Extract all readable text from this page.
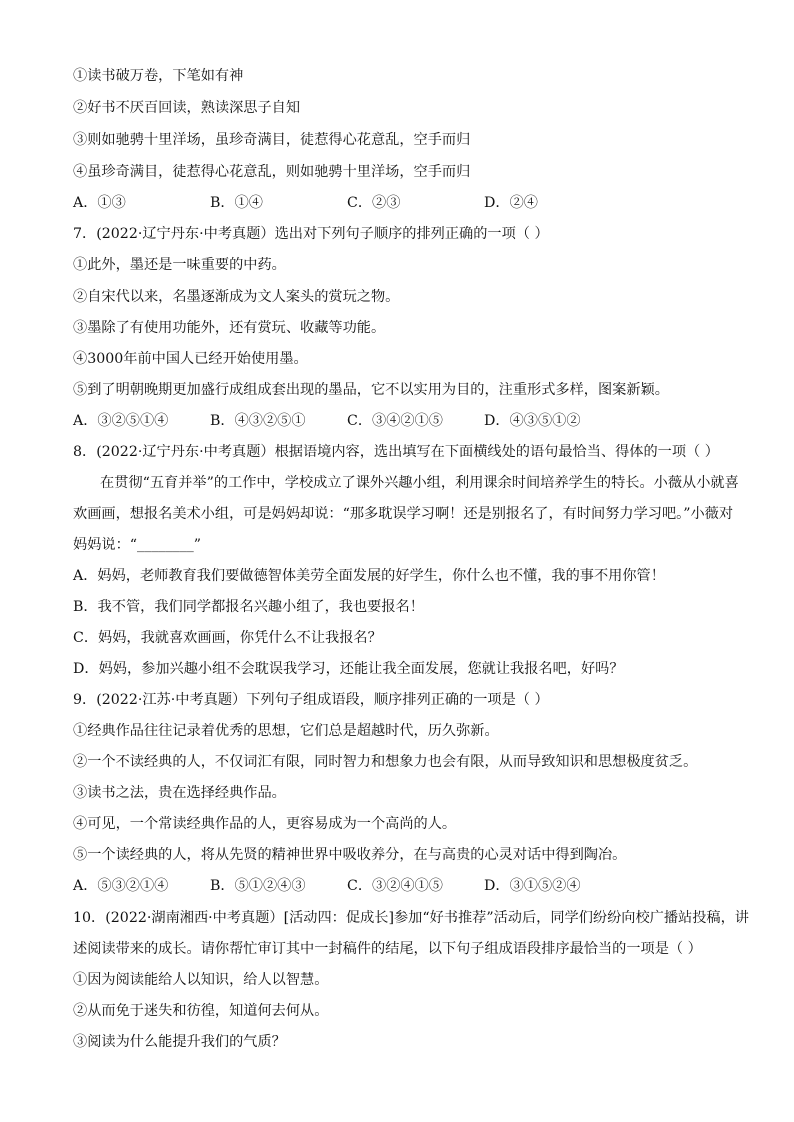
①读书破万卷，下笔如有神
②好书不厌百回读，熟读深思子自知
③则如驰骋十里洋场，虽珍奇满目，徒惹得心花意乱，空手而归
④虽珍奇满目，徒惹得心花意乱，则如驰骋十里洋场，空手而归
A．①③	B．①④	C．②③	D．②④
7．(2022·辽宁丹东·中考真题）选出对下列句子顺序的排列正确的一项（ ）
①此外，墨还是一味重要的中药。
②自宋代以来，名墨逐渐成为文人案头的赏玩之物。
③墨除了有使用功能外，还有赏玩、收藏等功能。
④3000年前中国人已经开始使用墨。
⑤到了明朝晚期更加盛行成组成套出现的墨品，它不以实用为目的，注重形式多样，图案新颖。
A．③②⑤①④	B．④③②⑤①	C．③④②①⑤	D．④③⑤①②
8．(2022·辽宁丹东·中考真题）根据语境内容，选出填写在下面横线处的语句最恰当、得体的一项（ ）
在贯彻“五育并举”的工作中，学校成立了课外兴趣小组，利用课余时间培养学生的特长。小薇从小就喜
欢画画，想报名美术小组，可是妈妈却说：“那多耽误学习啊！还是别报名了，有时间努力学习吧。”小薇对
妈妈说：“________”
A．妈妈，老师教育我们要做德智体美劳全面发展的好学生，你什么也不懂，我的事不用你管！
B．我不管，我们同学都报名兴趣小组了，我也要报名！
C．妈妈，我就喜欢画画，你凭什么不让我报名？
D．妈妈，参加兴趣小组不会耽误我学习，还能让我全面发展，您就让我报名吧，好吗？
9．(2022·江苏·中考真题）下列句子组成语段，顺序排列正确的一项是（ ）
①经典作品往往记录着优秀的思想，它们总是超越时代，历久弥新。
②一个不读经典的人，不仅词汇有限，同时智力和想象力也会有限，从而导致知识和思想极度贫乏。
③读书之法，贵在选择经典作品。
④可见，一个常读经典作品的人，更容易成为一个高尚的人。
⑤一个读经典的人，将从先贤的精神世界中吸收养分，在与高贵的心灵对话中得到陶冶。
A．⑤③②①④	B．⑤①②④③	C．③②④①⑤	D．③①⑤②④
10．(2022·湖南湘西·中考真题）[活动四：促成长]参加“好书推荐”活动后，同学们纷纷向校广播站投稿，讲
述阅读带来的成长。请你帮忙审订其中一封稿件的结尾，以下句子组成语段排序最恰当的一项是（ ）
①因为阅读能给人以知识，给人以智慧。
②从而免于迷失和彷徨，知道何去何从。
③阅读为什么能提升我们的气质？
